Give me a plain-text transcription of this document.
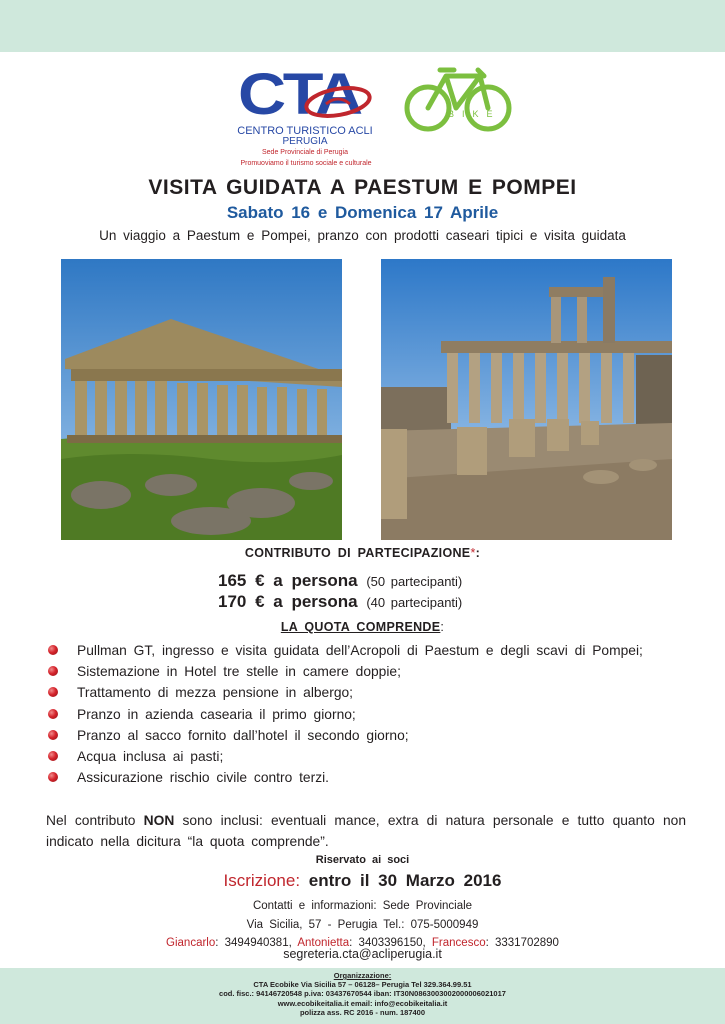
CTA
CENTRO TURISTICO ACLI
PERUGIA
Sede Provinciale di Perugia
Promuoviamo il turismo sociale e culturale
BIKE
VISITA GUIDATA A PAESTUM E POMPEI
Sabato 16 e Domenica 17 Aprile
Un viaggio a Paestum e Pompei, pranzo con prodotti caseari tipici e visita guidata
CONTRIBUTO DI PARTECIPAZIONE*:
165 € a persona (50 partecipanti)
170 € a persona (40 partecipanti)
LA QUOTA COMPRENDE:
Pullman GT, ingresso e visita guidata dell’Acropoli di Paestum e degli scavi di Pompei;
Sistemazione in Hotel tre stelle in camere doppie;
Trattamento di mezza pensione in albergo;
Pranzo in azienda casearia il primo giorno;
Pranzo al sacco fornito dall’hotel il secondo giorno;
Acqua inclusa ai pasti;
Assicurazione rischio civile contro terzi.
Nel contributo NON sono inclusi: eventuali mance, extra di natura personale e tutto quanto non indicato nella dicitura “la quota comprende”.
Riservato ai soci
Iscrizione: entro il 30 Marzo 2016
Contatti e informazioni: Sede Provinciale
Via Sicilia, 57 - Perugia Tel.: 075-5000949
Giancarlo: 3494940381, Antonietta: 3403396150, Francesco: 3331702890
segreteria.cta@acliperugia.it
Organizzazione:
CTA Ecobike Via Sicilia 57 – 06128– Perugia Tel 329.364.99.51
cod. fisc.: 94146720548 p.iva: 03437670544 iban: IT30N0863003002000006021017
www.ecobikeitalia.it email: info@ecobikeitalia.it
polizza ass. RC 2016 - num. 187400
